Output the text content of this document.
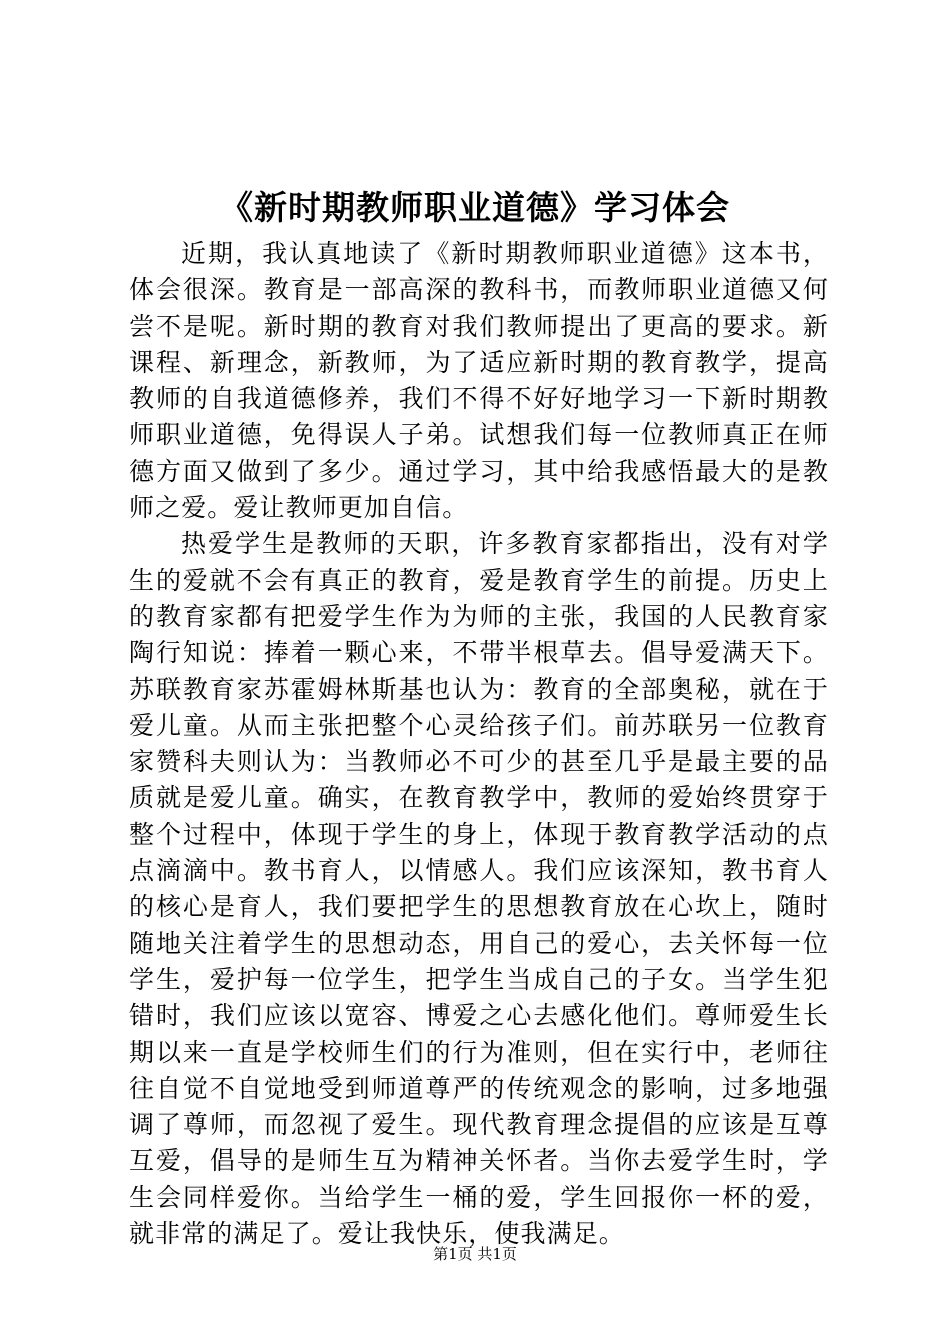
《新时期教师职业道德》学习体会

近期，我认真地读了《新时期教师职业道德》这本书，体会很深。教育是一部高深的教科书，而教师职业道德又何尝不是呢。新时期的教育对我们教师提出了更高的要求。新课程、新理念，新教师，为了适应新时期的教育教学，提高教师的自我道德修养，我们不得不好好地学习一下新时期教师职业道德，免得误人子弟。试想我们每一位教师真正在师德方面又做到了多少。通过学习，其中给我感悟最大的是教师之爱。爱让教师更加自信。

热爱学生是教师的天职，许多教育家都指出，没有对学生的爱就不会有真正的教育，爱是教育学生的前提。历史上的教育家都有把爱学生作为为师的主张，我国的人民教育家陶行知说：捧着一颗心来，不带半根草去。倡导爱满天下。苏联教育家苏霍姆林斯基也认为：教育的全部奥秘，就在于爱儿童。从而主张把整个心灵给孩子们。前苏联另一位教育家赞科夫则认为：当教师必不可少的甚至几乎是最主要的品质就是爱儿童。确实，在教育教学中，教师的爱始终贯穿于整个过程中，体现于学生的身上，体现于教育教学活动的点点滴滴中。教书育人，以情感人。我们应该深知，教书育人的核心是育人，我们要把学生的思想教育放在心坎上，随时随地关注着学生的思想动态，用自己的爱心，去关怀每一位学生，爱护每一位学生，把学生当成自己的子女。当学生犯错时，我们应该以宽容、博爱之心去感化他们。尊师爱生长期以来一直是学校师生们的行为准则，但在实行中，老师往往自觉不自觉地受到师道尊严的传统观念的影响，过多地强调了尊师，而忽视了爱生。现代教育理念提倡的应该是互尊互爱，倡导的是师生互为精神关怀者。当你去爱学生时，学生会同样爱你。当给学生一桶的爱，学生回报你一杯的爱，就非常的满足了。爱让我快乐，使我满足。

第1页 共1页
